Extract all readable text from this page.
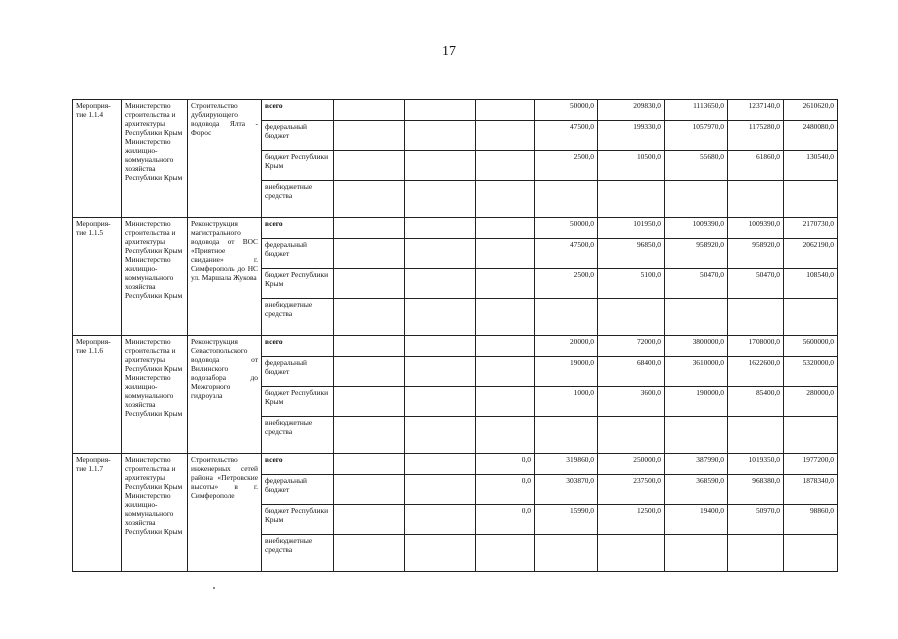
17
Мероприя-тие 1.1.4	Министерство строительства и архитектуры Республики Крым Министерство жилищно-коммунального хозяйства Республики Крым	Строительство дублирующего водовода Ялта - Форос	всего				50000,0	209830,0	1113650,0	1237140,0	2610620,0
			федеральный бюджет				47500,0	199330,0	1057970,0	1175280,0	2480080,0
			бюджет Республики Крым				2500,0	10500,0	55680,0	61860,0	130540,0
			внебюджетные средства								
Мероприя-тие 1.1.5	Министерство строительства и архитектуры Республики Крым Министерство жилищно-коммунального хозяйства Республики Крым	Реконструкция магистрального водовода от ВОС «Приятное свидание» г. Симферополь до НС ул. Маршала Жукова	всего				50000,0	101950,0	1009390,0	1009390,0	2170730,0
			федеральный бюджет				47500,0	96850,0	958920,0	958920,0	2062190,0
			бюджет Республики Крым				2500,0	5100,0	50470,0	50470,0	108540,0
			внебюджетные средства								
Мероприя-тие 1.1.6	Министерство строительства и архитектуры Республики Крым Министерство жилищно-коммунального хозяйства Республики Крым	Реконструкция Севастопольского водовода от Вилинского водозабора до Межгорного гидроузла	всего				20000,0	72000,0	3800000,0	1708000,0	5600000,0
			федеральный бюджет				19000,0	68400,0	3610000,0	1622600,0	5320000,0
			бюджет Республики Крым				1000,0	3600,0	190000,0	85400,0	280000,0
			внебюджетные средства								
Мероприя-тие 1.1.7	Министерство строительства и архитектуры Республики Крым Министерство жилищно-коммунального хозяйства Республики Крым	Строительство инженерных сетей района «Петровские высоты» в г. Симферополе	всего			0,0	319860,0	250000,0	387990,0	1019350,0	1977200,0
			федеральный бюджет			0,0	303870,0	237500,0	368590,0	968380,0	1878340,0
			бюджет Республики Крым			0,0	15990,0	12500,0	19400,0	50970,0	98860,0
			внебюджетные средства								
